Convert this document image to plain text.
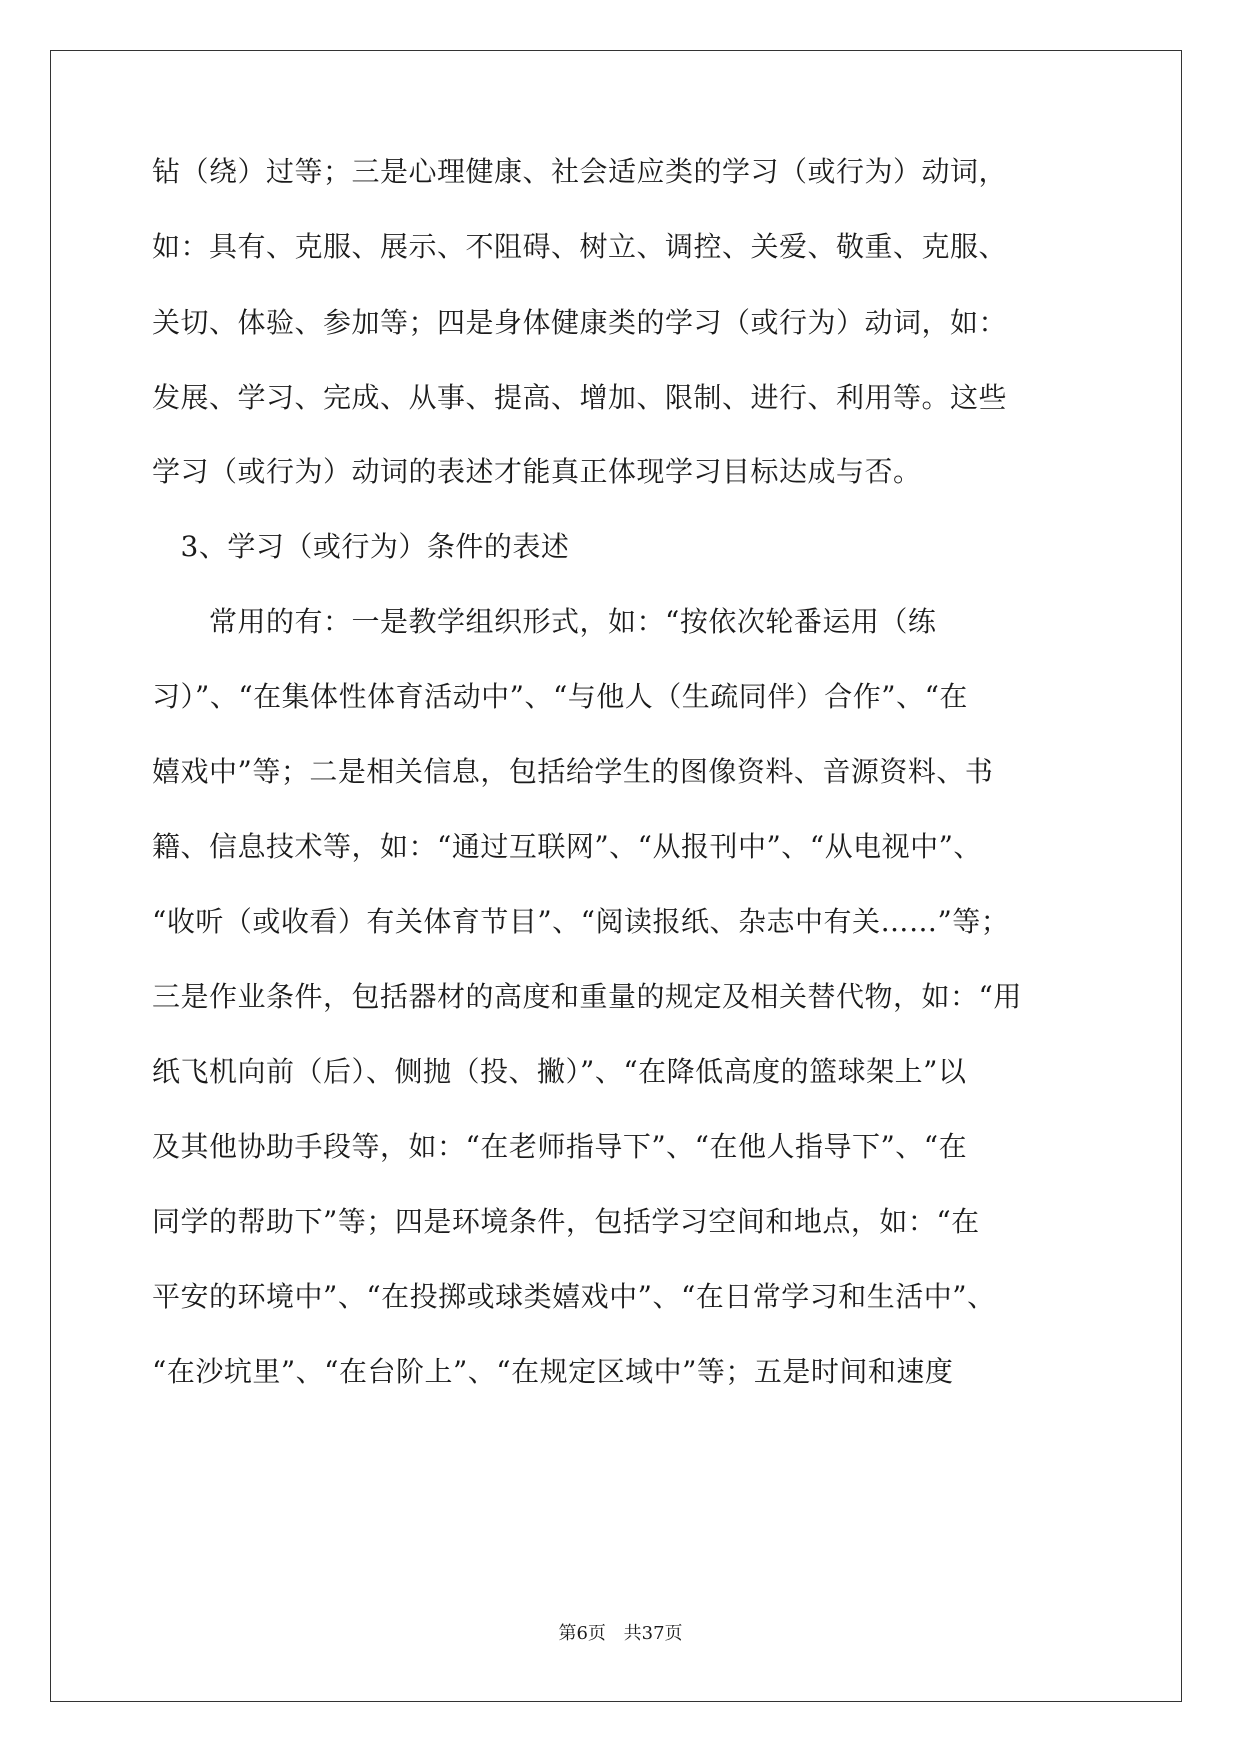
钻（绕）过等；三是心理健康、社会适应类的学习（或行为）动词，
如：具有、克服、展示、不阻碍、树立、调控、关爱、敬重、克服、
关切、体验、参加等；四是身体健康类的学习（或行为）动词，如：
发展、学习、完成、从事、提高、增加、限制、进行、利用等。这些
学习（或行为）动词的表述才能真正体现学习目标达成与否。
　3、学习（或行为）条件的表述
　　常用的有：一是教学组织形式，如：“按依次轮番运用（练
习）”、“在集体性体育活动中”、“与他人（生疏同伴）合作”、“在
嬉戏中”等；二是相关信息，包括给学生的图像资料、音源资料、书
籍、信息技术等，如：“通过互联网”、“从报刊中”、“从电视中”、
“收听（或收看）有关体育节目”、“阅读报纸、杂志中有关……”等；
三是作业条件，包括器材的高度和重量的规定及相关替代物，如：“用
纸飞机向前（后）、侧抛（投、撇）”、“在降低高度的篮球架上”以
及其他协助手段等，如：“在老师指导下”、“在他人指导下”、“在
同学的帮助下”等；四是环境条件，包括学习空间和地点，如：“在
平安的环境中”、“在投掷或球类嬉戏中”、“在日常学习和生活中”、
“在沙坑里”、“在台阶上”、“在规定区域中”等；五是时间和速度
第6页 共37页
